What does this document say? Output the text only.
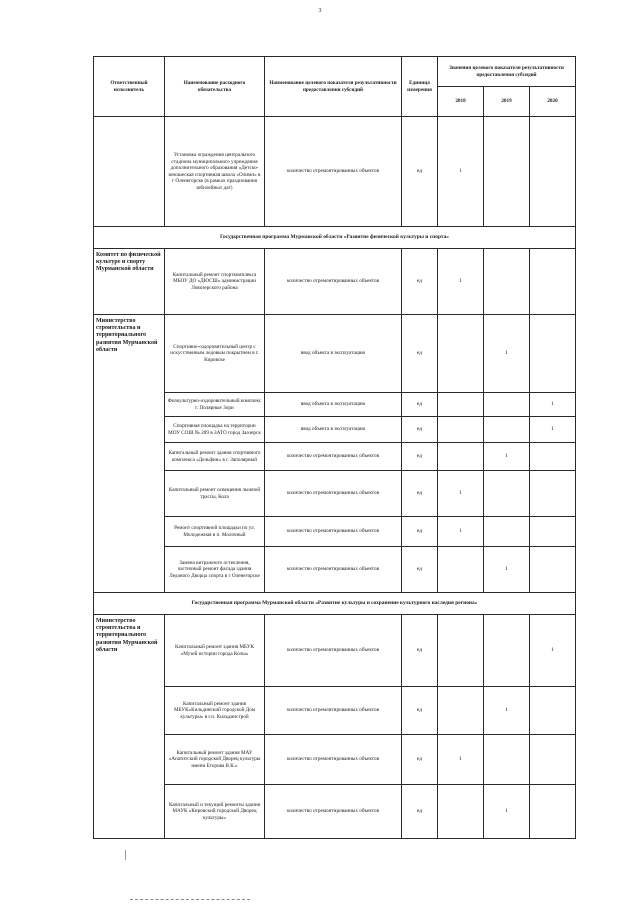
3
Ответственный исполнитель	Наименование расходного обязательства	Наименование целевого показателя результативности предоставления субсидий	Единица измерения	Значения целевого показателя результативности предоставления субсидий		
				2018	2019	2020
	Установка ограждения центрального стадиона муниципального учреждения дополнительного образования «Детско-юношеская спортивная школа «Олимп» в г Оленегорске (в рамках празднования юбилейных дат)	количество отремонтированных объектов	ед	1		
Государственная программа Мурманской области «Развитие физической культуры и спорта»						
Комитет по физической культуре и спорту Мурманской области	Капитальный ремонт спорткомплекса МБОУ ДО «ДЮСШ» администрации Ловозерского района	количество отремонтированных объектов	ед	1		
Министерство строительства и территориального развития Мурманской области	Спортивно-оздоровительный центр с искусственным ледовым покрытием в г. Кировске	ввод объекта в эксплуатацию	ед		1	
	Физкультурно-оздоровительный комплекс г. Полярные Зори	ввод объекта в эксплуатацию	ед			1
	Спортивная площадка на территории МОУ СОШ № 289 в ЗАТО город Заозерск	ввод объекта в эксплуатацию	ед			1
	Капитальный ремонт здания спортивного комплекса «Дельфин» в г. Заполярный	количество отремонтированных объектов	ед		1	
	Капитальный ремонт освещения лыжной трассы, Кола	количество отремонтированных объектов	ед	1		
	Ремонт спортивной площадки по ул. Молодежная в п. Молочный	количество отремонтированных объектов	ед	1		
	Замена витражного остекления, частичный ремонт фасада здания Ледового Дворца спорта в г Оленегорске	количество отремонтированных объектов	ед		1	
Государственная программа Мурманской области «Развитие культуры и сохранение культурного наследия региона»						
Министерство строительства и территориального развития Мурманской области	Капитальный ремонт здания МБУК «Музей истории города Колы»	количество отремонтированных объектов	ед			1
	Капитальный ремонт здания МБУК«Кильдинский городской Дом культуры» в г.п. Кильдинстрой	количество отремонтированных объектов	ед		1	
	Капитальный ремонт здания МАУ «Апатитский городской Дворец культуры имени Егорова В.К.»	количество отремонтированных объектов	ед	1		
	Капитальный и текущий ремонты здания МАУК «Кировский городской Дворец культуры»	количество отремонтированных объектов	ед		1	
